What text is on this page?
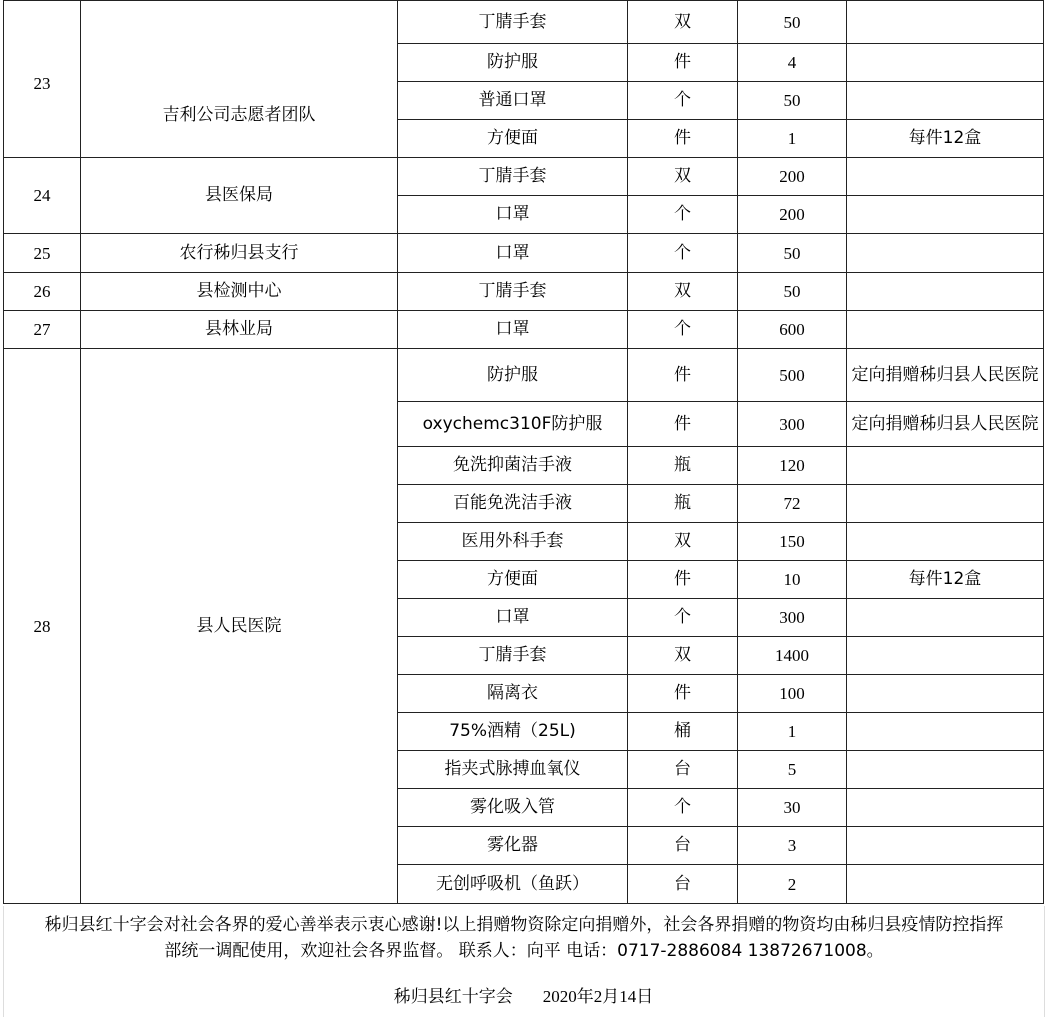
23	吉利公司志愿者团队	丁腈手套	双	50	
		防护服	件	4	
		普通口罩	个	50	
		方便面	件	1	每件12盒
24	县医保局	丁腈手套	双	200	
		口罩	个	200	
25	农行秭归县支行	口罩	个	50	
26	县检测中心	丁腈手套	双	50	
27	县林业局	口罩	个	600	
28	县人民医院	防护服	件	500	定向捐赠秭归县人民医院
		oxychemc310F防护服	件	300	定向捐赠秭归县人民医院
		免洗抑菌洁手液	瓶	120	
		百能免洗洁手液	瓶	72	
		医用外科手套	双	150	
		方便面	件	10	每件12盒
		口罩	个	300	
		丁腈手套	双	1400	
		隔离衣	件	100	
		75%酒精（25L)	桶	1	
		指夹式脉搏血氧仪	台	5	
		雾化吸入管	个	30	
		雾化器	台	3	
		无创呼吸机（鱼跃）	台	2	
秭归县红十字会对社会各界的爱心善举表示衷心感谢!以上捐赠物资除定向捐赠外，社会各界捐赠的物资均由秭归县疫情防控指挥
部统一调配使用，欢迎社会各界监督。 联系人：向平 电话：0717-2886084 13872671008。
秭归县红十字会 2020年2月14日
